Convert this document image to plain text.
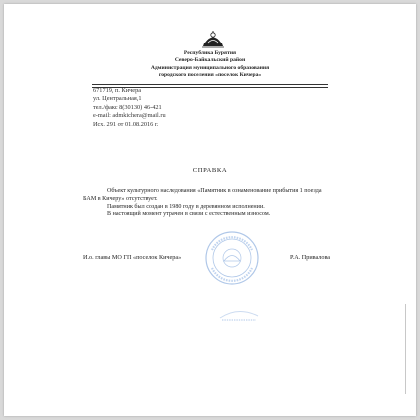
Республика Бурятия
Северо-Байкальский район
Администрация муниципального образования
городского поселения «поселок Кичера»
671719, п. Кичера
ул. Центральная,1
тел./факс 8(30130) 46-421
e-mail: admkichera@mail.ru
Исх. 291 от 01.08.2016 г.
СПРАВКА

Объект культурного наследования «Памятник в ознаменование прибытия 1 поезда БАМ в Кичеру» отсутствует.

Памятник был создан в 1980 году в деревянном исполнении.

В настоящий момент утрачен в связи с естественным износом.

И.о. главы МО ГП «поселок Кичера»	Р.А. Привалова
